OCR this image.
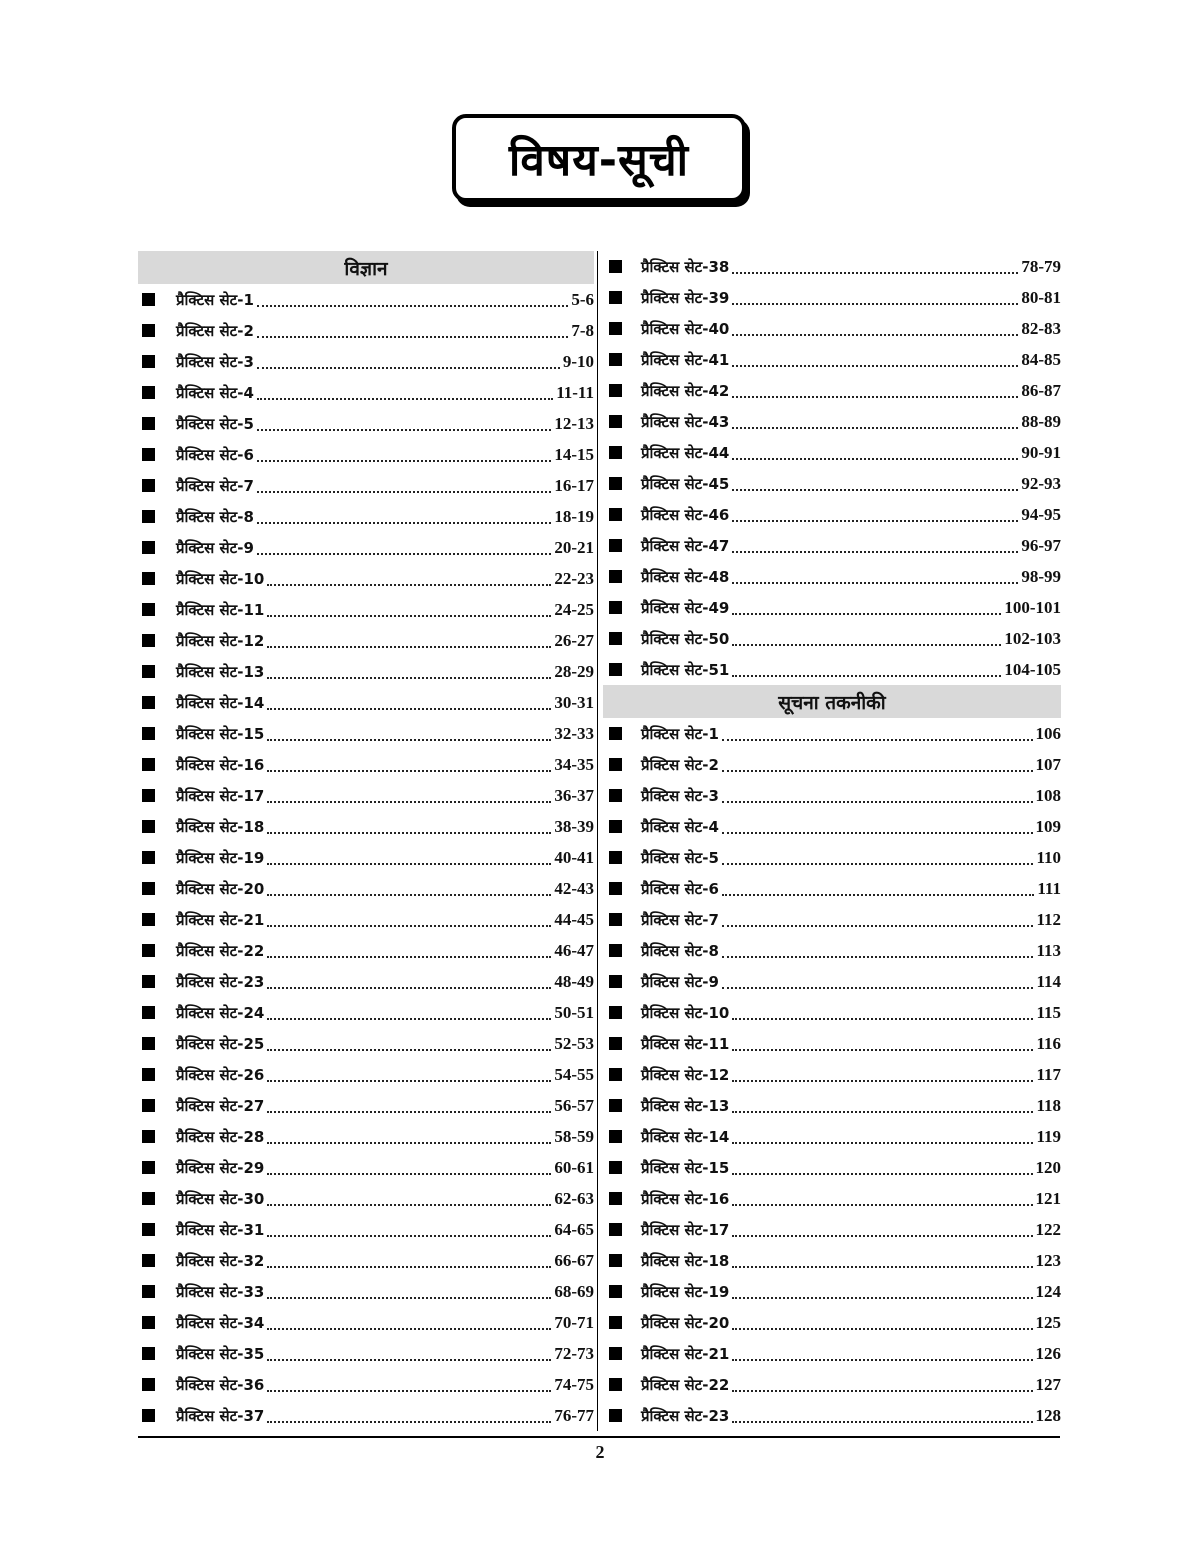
विषय-सूची
विज्ञान
प्रैक्टिस सेट-1	5-6
प्रैक्टिस सेट-2	7-8
प्रैक्टिस सेट-3	9-10
प्रैक्टिस सेट-4	11-11
प्रैक्टिस सेट-5	12-13
प्रैक्टिस सेट-6	14-15
प्रैक्टिस सेट-7	16-17
प्रैक्टिस सेट-8	18-19
प्रैक्टिस सेट-9	20-21
प्रैक्टिस सेट-10	22-23
प्रैक्टिस सेट-11	24-25
प्रैक्टिस सेट-12	26-27
प्रैक्टिस सेट-13	28-29
प्रैक्टिस सेट-14	30-31
प्रैक्टिस सेट-15	32-33
प्रैक्टिस सेट-16	34-35
प्रैक्टिस सेट-17	36-37
प्रैक्टिस सेट-18	38-39
प्रैक्टिस सेट-19	40-41
प्रैक्टिस सेट-20	42-43
प्रैक्टिस सेट-21	44-45
प्रैक्टिस सेट-22	46-47
प्रैक्टिस सेट-23	48-49
प्रैक्टिस सेट-24	50-51
प्रैक्टिस सेट-25	52-53
प्रैक्टिस सेट-26	54-55
प्रैक्टिस सेट-27	56-57
प्रैक्टिस सेट-28	58-59
प्रैक्टिस सेट-29	60-61
प्रैक्टिस सेट-30	62-63
प्रैक्टिस सेट-31	64-65
प्रैक्टिस सेट-32	66-67
प्रैक्टिस सेट-33	68-69
प्रैक्टिस सेट-34	70-71
प्रैक्टिस सेट-35	72-73
प्रैक्टिस सेट-36	74-75
प्रैक्टिस सेट-37	76-77
प्रैक्टिस सेट-38	78-79
प्रैक्टिस सेट-39	80-81
प्रैक्टिस सेट-40	82-83
प्रैक्टिस सेट-41	84-85
प्रैक्टिस सेट-42	86-87
प्रैक्टिस सेट-43	88-89
प्रैक्टिस सेट-44	90-91
प्रैक्टिस सेट-45	92-93
प्रैक्टिस सेट-46	94-95
प्रैक्टिस सेट-47	96-97
प्रैक्टिस सेट-48	98-99
प्रैक्टिस सेट-49	100-101
प्रैक्टिस सेट-50	102-103
प्रैक्टिस सेट-51	104-105
सूचना तकनीकी
प्रैक्टिस सेट-1	106
प्रैक्टिस सेट-2	107
प्रैक्टिस सेट-3	108
प्रैक्टिस सेट-4	109
प्रैक्टिस सेट-5	110
प्रैक्टिस सेट-6	111
प्रैक्टिस सेट-7	112
प्रैक्टिस सेट-8	113
प्रैक्टिस सेट-9	114
प्रैक्टिस सेट-10	115
प्रैक्टिस सेट-11	116
प्रैक्टिस सेट-12	117
प्रैक्टिस सेट-13	118
प्रैक्टिस सेट-14	119
प्रैक्टिस सेट-15	120
प्रैक्टिस सेट-16	121
प्रैक्टिस सेट-17	122
प्रैक्टिस सेट-18	123
प्रैक्टिस सेट-19	124
प्रैक्टिस सेट-20	125
प्रैक्टिस सेट-21	126
प्रैक्टिस सेट-22	127
प्रैक्टिस सेट-23	128
2
